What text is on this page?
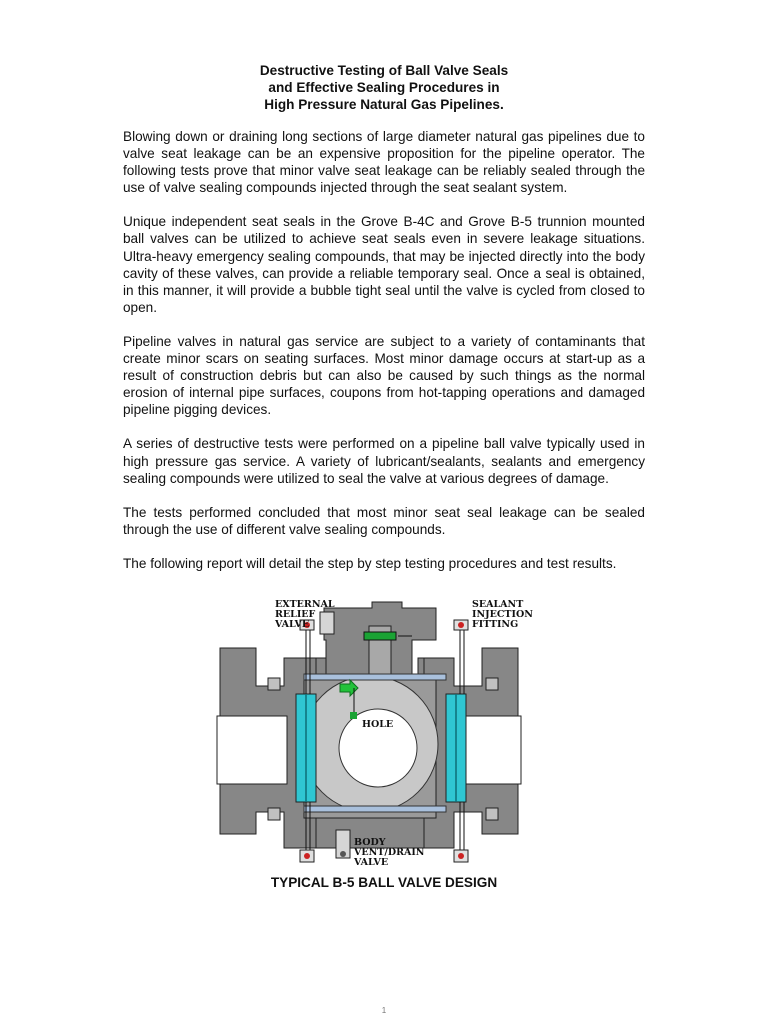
Destructive Testing of Ball Valve Seals
and Effective Sealing Procedures in
High Pressure Natural Gas Pipelines.

Blowing down or draining long sections of large diameter natural gas pipelines due to valve seat leakage can be an expensive proposition for the pipeline operator. The following tests prove that minor valve seat leakage can be reliably sealed through the use of valve sealing compounds injected through the seat sealant system.

Unique independent seat seals in the Grove B-4C and Grove B-5 trunnion mounted ball valves can be utilized to achieve seat seals even in severe leakage situations. Ultra-heavy emergency sealing compounds, that may be injected directly into the body cavity of these valves, can provide a reliable temporary seal. Once a seal is obtained, in this manner, it will provide a bubble tight seal until the valve is cycled from closed to open.

Pipeline valves in natural gas service are subject to a variety of contaminants that create minor scars on seating surfaces. Most minor damage occurs at start-up as a result of construction debris but can also be caused by such things as the normal erosion of internal pipe surfaces, coupons from hot-tapping operations and damaged pipeline pigging devices.

A series of destructive tests were performed on a pipeline ball valve typically used in high pressure gas service. A variety of lubricant/sealants, sealants and emergency sealing compounds were utilized to seal the valve at various degrees of damage.

The tests performed concluded that most minor seat seal leakage can be sealed through the use of different valve sealing compounds.

The following report will detail the step by step testing procedures and test results.

EXTERNAL
RELIEF
VALVE
SEALANT
INJECTION
FITTING
HOLE
BODY
VENT/DRAIN
VALVE
TYPICAL B-5 BALL VALVE DESIGN
1
